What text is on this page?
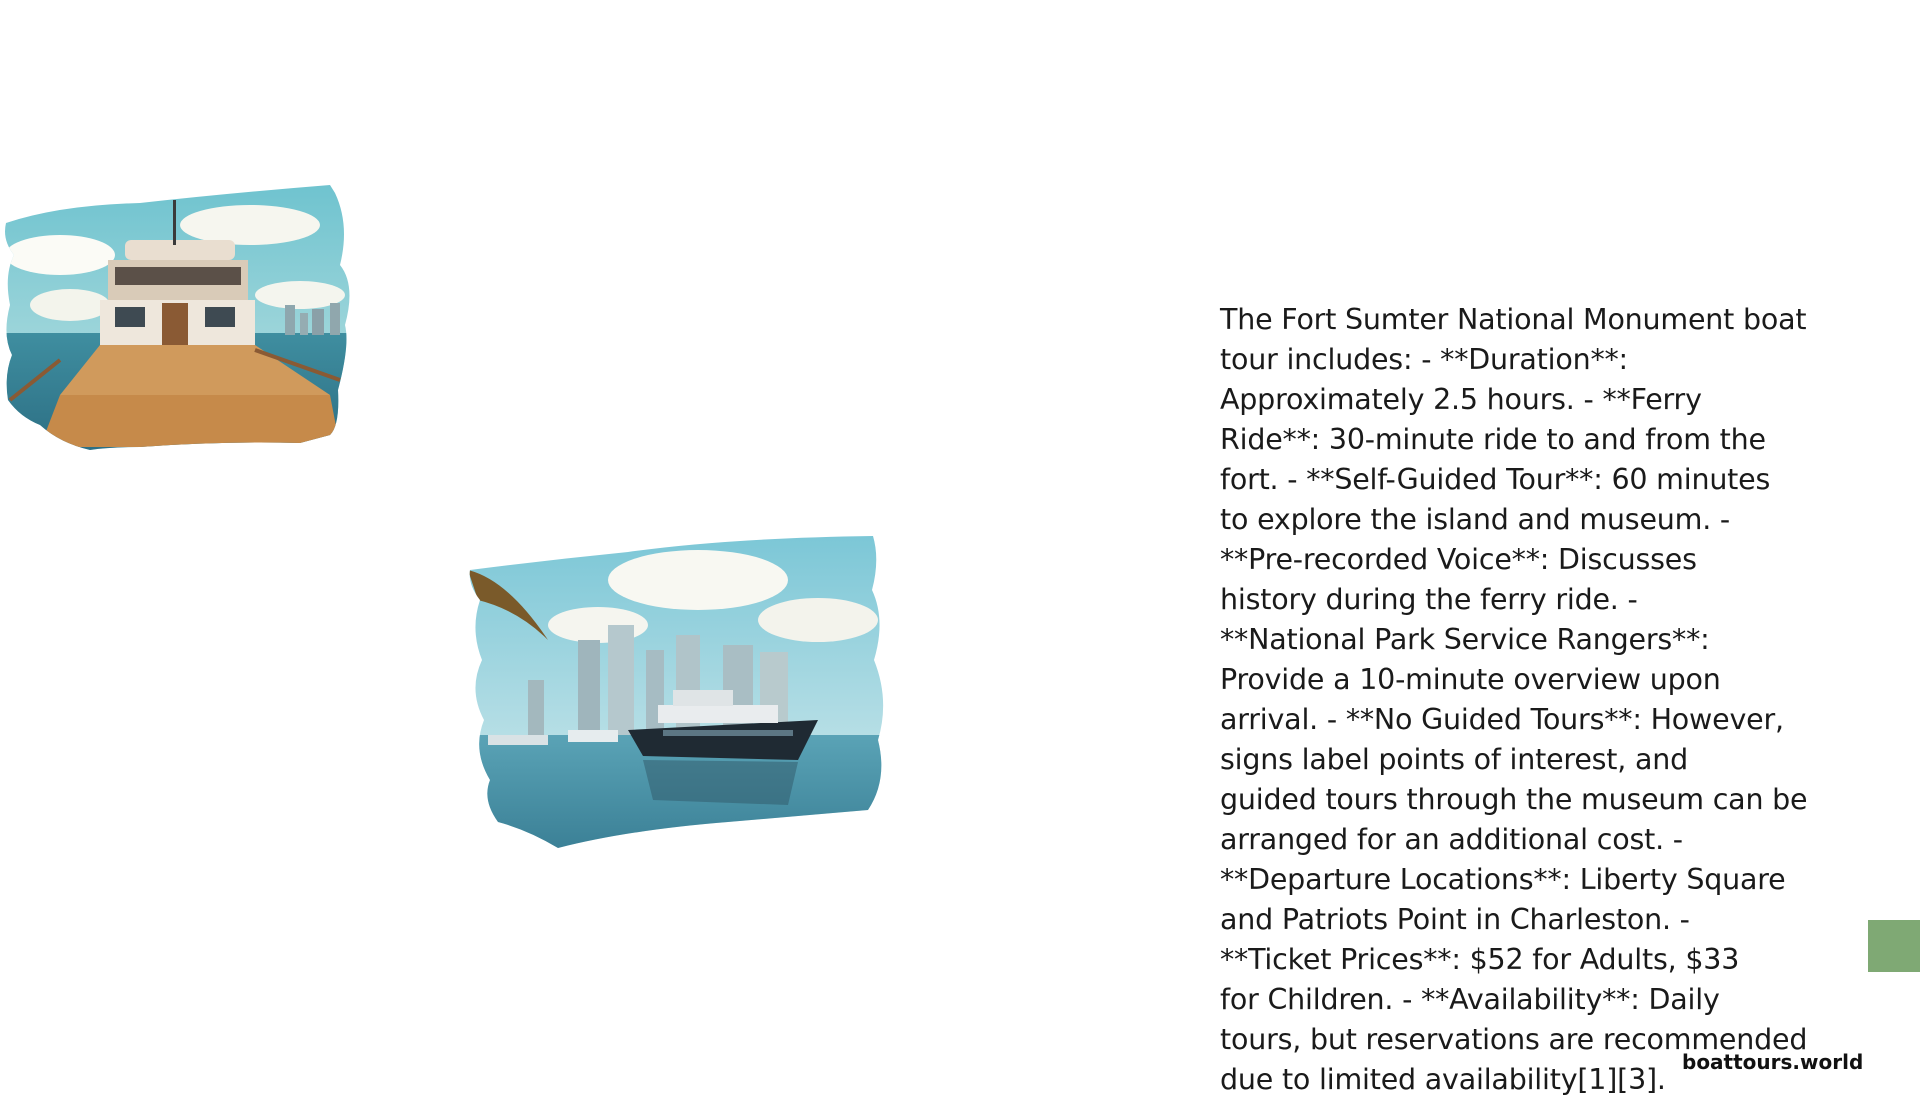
The Fort Sumter National Monument boat
tour includes: - **Duration**:
Approximately 2.5 hours. - **Ferry
Ride**: 30-minute ride to and from the
fort. - **Self-Guided Tour**: 60 minutes
to explore the island and museum. -
**Pre-recorded Voice**: Discusses
history during the ferry ride. -
**National Park Service Rangers**:
Provide a 10-minute overview upon
arrival. - **No Guided Tours**: However,
signs label points of interest, and
guided tours through the museum can be
arranged for an additional cost. -
**Departure Locations**: Liberty Square
and Patriots Point in Charleston. -
**Ticket Prices**: $52 for Adults, $33
for Children. - **Availability**: Daily
tours, but reservations are recommended
due to limited availability[1][3].

boattours.world
